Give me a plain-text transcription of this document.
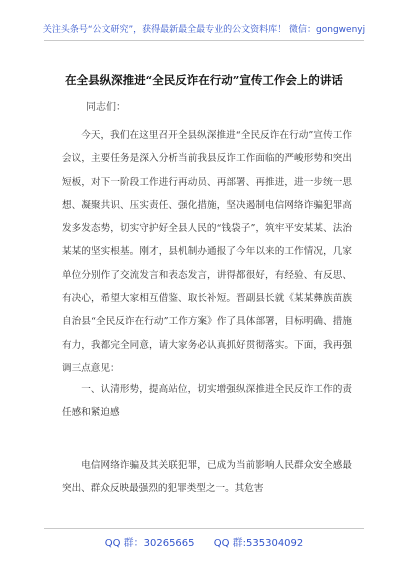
关注头条号“公文研究”，获得最新最全最专业的公文资料库！ 微信：gongwenyj
在全县纵深推进“全民反诈在行动”宣传工作会上的讲话
同志们：

今天，我们在这里召开全县纵深推进“全民反诈在行动”宣传工作会议，主要任务是深入分析当前我县反诈工作面临的严峻形势和突出短板，对下一阶段工作进行再动员、再部署、再推进，进一步统一思想、凝聚共识、压实责任、强化措施，坚决遏制电信网络诈骗犯罪高发多发态势，切实守护好全县人民的“钱袋子”，筑牢平安某某、法治某某的坚实根基。刚才，县机制办通报了今年以来的工作情况，几家单位分别作了交流发言和表态发言，讲得都很好，有经验、有反思、有决心，希望大家相互借鉴、取长补短。晋副县长就《某某彝族苗族自治县“全民反诈在行动”工作方案》作了具体部署，目标明确、措施有力，我都完全同意，请大家务必认真抓好贯彻落实。下面，我再强调三点意见：

一、认清形势，提高站位，切实增强纵深推进全民反诈工作的责任感和紧迫感

电信网络诈骗及其关联犯罪，已成为当前影响人民群众安全感最突出、群众反映最强烈的犯罪类型之一。其危害

QQ 群：30265665 QQ 群:535304092
